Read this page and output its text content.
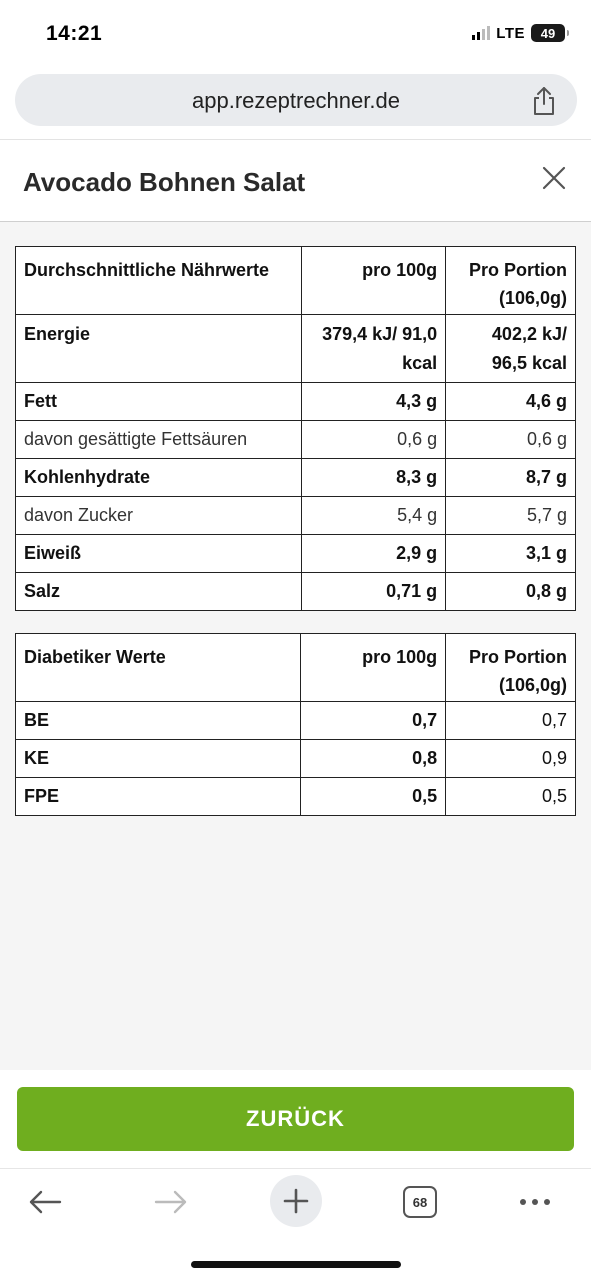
14:21	LTE	49
app.rezeptrechner.de
Avocado Bohnen Salat
Durchschnittliche Nährwerte	pro 100g	Pro Portion (106,0g)
Energie	379,4 kJ/ 91,0 kcal	402,2 kJ/ 96,5 kcal
Fett	4,3 g	4,6 g
davon gesättigte Fettsäuren	0,6 g	0,6 g
Kohlenhydrate	8,3 g	8,7 g
davon Zucker	5,4 g	5,7 g
Eiweiß	2,9 g	3,1 g
Salz	0,71 g	0,8 g
Diabetiker Werte	pro 100g	Pro Portion (106,0g)
BE	0,7	0,7
KE	0,8	0,9
FPE	0,5	0,5
ZURÜCK
68
